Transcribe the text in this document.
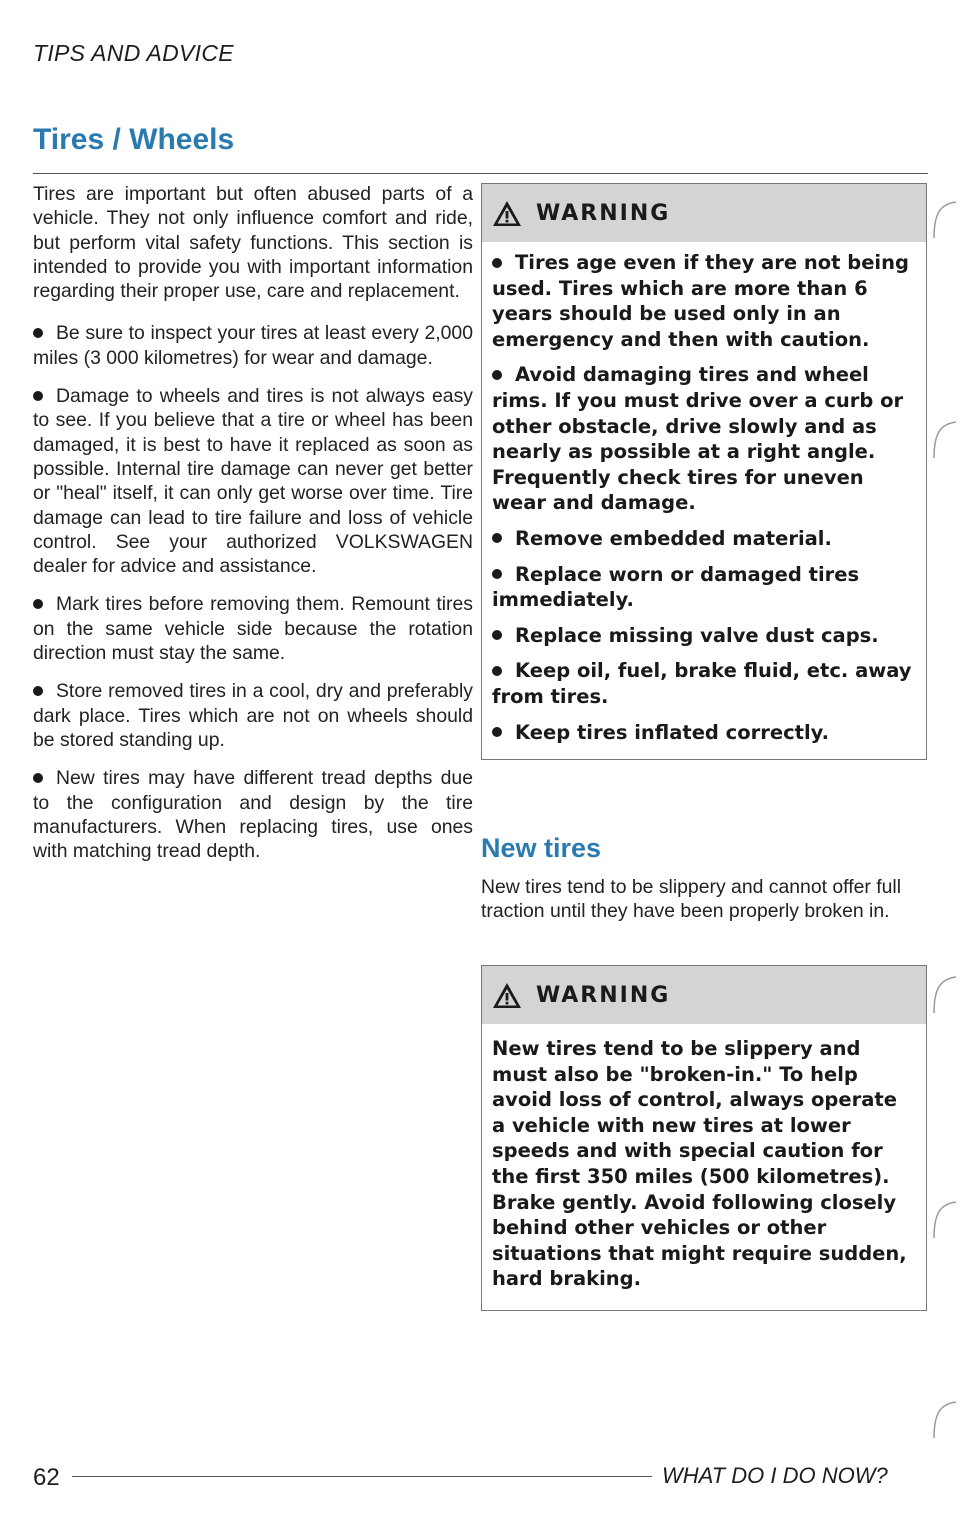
TIPS AND ADVICE
Tires / Wheels

Tires are important but often abused parts of a vehicle. They not only influence comfort and ride, but perform vital safety functions. This section is intended to provide you with important information regarding their proper use, care and replacement.

Be sure to inspect your tires at least every 2,000 miles (3 000 kilometres) for wear and damage.

Damage to wheels and tires is not always easy to see. If you believe that a tire or wheel has been damaged, it is best to have it replaced as soon as possible. Internal tire damage can never get better or "heal" itself, it can only get worse over time. Tire damage can lead to tire failure and loss of vehicle control. See your authorized VOLKSWAGEN dealer for advice and assistance.

Mark tires before removing them. Remount tires on the same vehicle side because the rotation direction must stay the same.

Store removed tires in a cool, dry and preferably dark place. Tires which are not on wheels should be stored standing up.

New tires may have different tread depths due to the configuration and design by the tire manufacturers. When replacing tires, use ones with matching tread depth.

WARNING

Tires age even if they are not being used. Tires which are more than 6 years should be used only in an emergency and then with caution.

Avoid damaging tires and wheel rims. If you must drive over a curb or other obstacle, drive slowly and as nearly as possible at a right angle. Frequently check tires for uneven wear and damage.

Remove embedded material.

Replace worn or damaged tires immediately.

Replace missing valve dust caps.

Keep oil, fuel, brake fluid, etc. away from tires.

Keep tires inflated correctly.

New tires

New tires tend to be slippery and cannot offer full traction until they have been properly broken in.

WARNING

New tires tend to be slippery and must also be "broken-in." To help avoid loss of control, always operate a vehicle with new tires at lower speeds and with special caution for the first 350 miles (500 kilometres). Brake gently. Avoid following closely behind other vehicles or other situations that might require sudden, hard braking.

62	WHAT DO I DO NOW?
